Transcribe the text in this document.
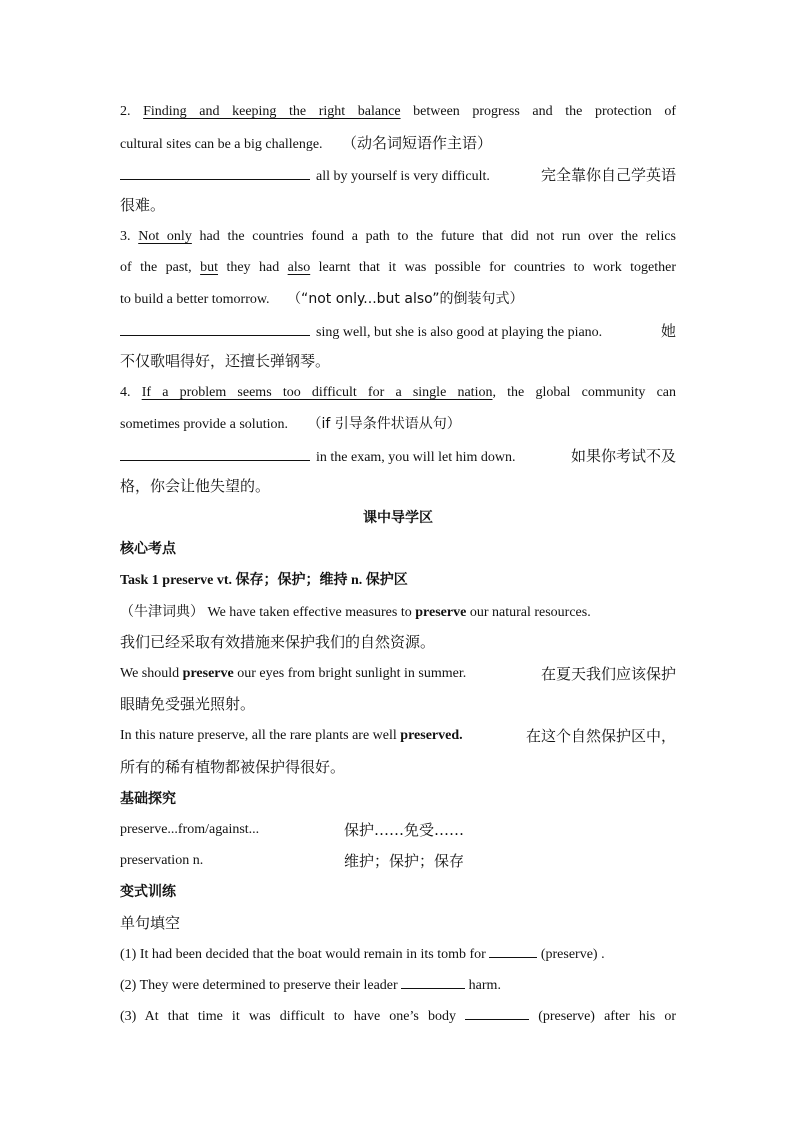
2. Finding and keeping the right balance between progress and the protection of
cultural sites can be a big challenge. （动名词短语作主语）
all by yourself is very difficult.	完全靠你自己学英语
很难。
3. Not only had the countries found a path to the future that did not run over the relics
of the past, but they had also learnt that it was possible for countries to work together
to build a better tomorrow. （“not only...but also”的倒装句式）
sing well, but she is also good at playing the piano.	她
不仅歌唱得好，还擅长弹钢琴。
4. If a problem seems too difficult for a single nation, the global community can
sometimes provide a solution. （if 引导条件状语从句）
in the exam, you will let him down.	如果你考试不及
格，你会让他失望的。
课中导学区
核心考点
Task 1 preserve vt. 保存；保护；维持 n. 保护区
（牛津词典） We have taken effective measures to preserve our natural resources.
我们已经采取有效措施来保护我们的自然资源。
We should preserve our eyes from bright sunlight in summer.	在夏天我们应该保护
眼睛免受强光照射。
In this nature preserve, all the rare plants are well preserved.	在这个自然保护区中，
所有的稀有植物都被保护得很好。
基础探究
preserve...from/against...	保护……免受……
preservation n.	维护；保护；保存
变式训练
单句填空
(1) It had been decided that the boat would remain in its tomb for	(preserve) .
(2) They were determined to preserve their leader	harm.
(3) At that time it was difficult to have one’s body	(preserve) after his or
